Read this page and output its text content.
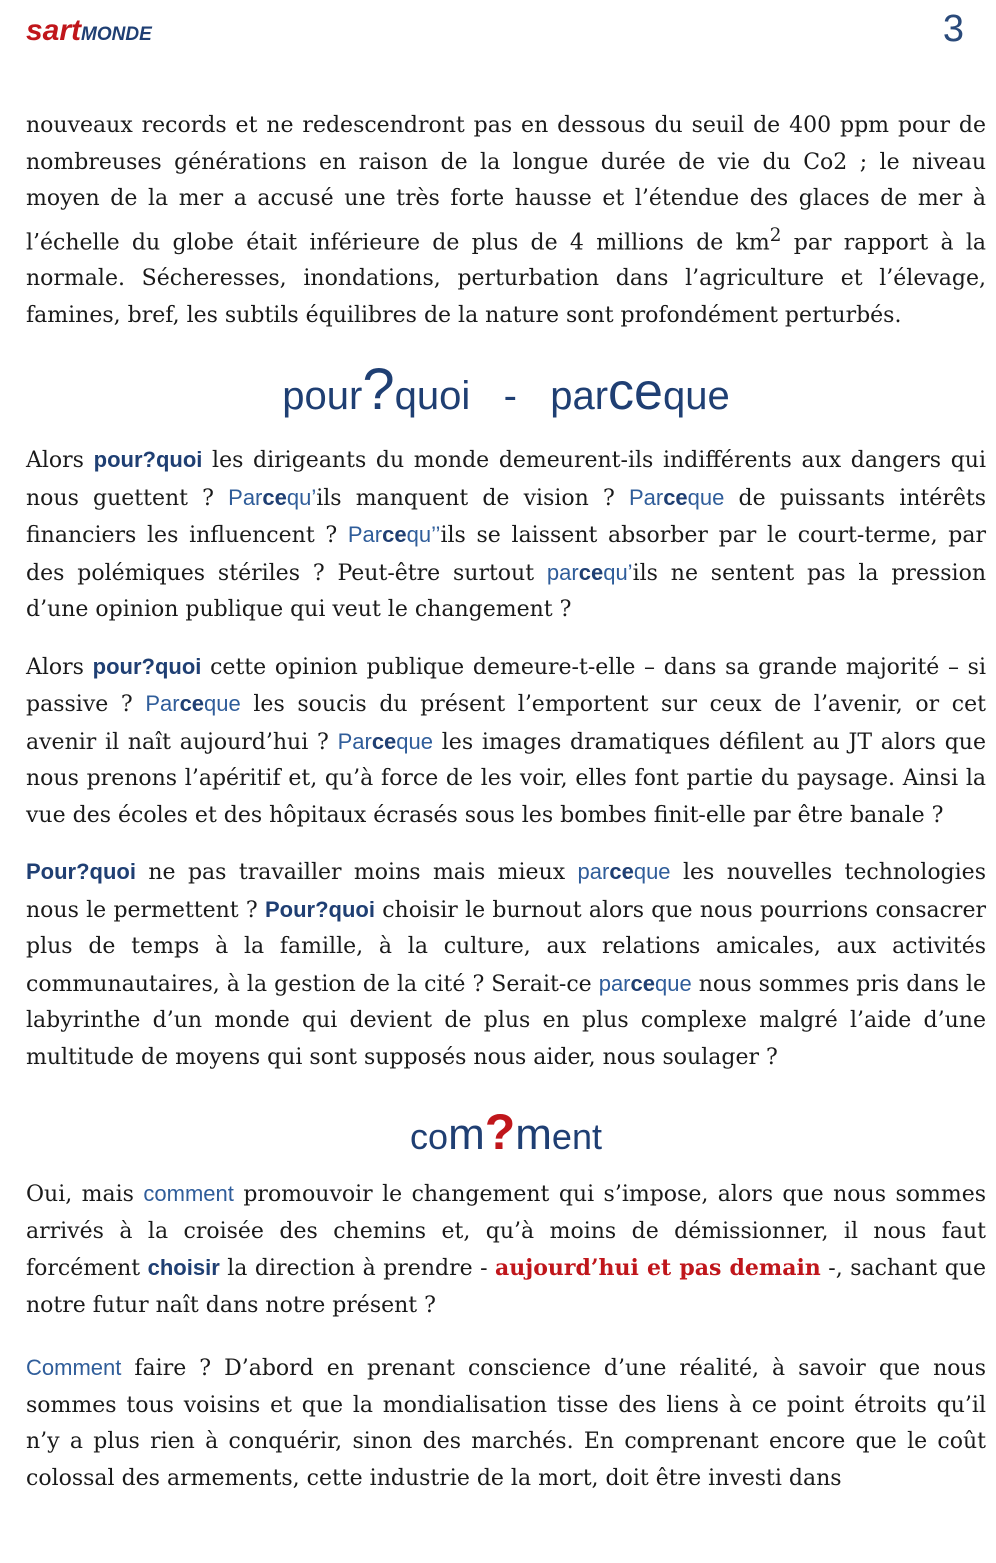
sartMONDE	3

nouveaux records et ne redescendront pas en dessous du seuil de 400 ppm pour de nombreuses générations en raison de la longue durée de vie du Co2 ; le niveau moyen de la mer a accusé une très forte hausse et l’étendue des glaces de mer à l’échelle du globe était inférieure de plus de 4 millions de $km^2$ par rapport à la normale. Sécheresses, inondations, perturbation dans l’agriculture et l’élevage, famines, bref, les subtils équilibres de la nature sont profondément perturbés.

pour?quoi - parceque

Alors pour?quoi les dirigeants du monde demeurent-ils indifférents aux dangers qui nous guettent ? Parcequ’ils manquent de vision ? Parceque de puissants intérêts financiers les influencent ? Parcequ’’ils se laissent absorber par le court-terme, par des polémiques stériles ? Peut-être surtout parcequ’ils ne sentent pas la pression d’une opinion publique qui veut le changement ?

Alors pour?quoi cette opinion publique demeure-t-elle – dans sa grande majorité – si passive ? Parceque les soucis du présent l’emportent sur ceux de l’avenir, or cet avenir il naît aujourd’hui ? Parceque les images dramatiques défilent au JT alors que nous prenons l’apéritif et, qu’à force de les voir, elles font partie du paysage. Ainsi la vue des écoles et des hôpitaux écrasés sous les bombes finit-elle par être banale ?

Pour?quoi ne pas travailler moins mais mieux parceque les nouvelles technologies nous le permettent ? Pour?quoi choisir le burnout alors que nous pourrions consacrer plus de temps à la famille, à la culture, aux relations amicales, aux activités communautaires, à la gestion de la cité ? Serait-ce parceque nous sommes pris dans le labyrinthe d’un monde qui devient de plus en plus complexe malgré l’aide d’une multitude de moyens qui sont supposés nous aider, nous soulager ?

com?ment

Oui, mais comment promouvoir le changement qui s’impose, alors que nous sommes arrivés à la croisée des chemins et, qu’à moins de démissionner, il nous faut forcément choisir la direction à prendre - aujourd’hui et pas demain -, sachant que notre futur naît dans notre présent ?

Comment faire ? D’abord en prenant conscience d’une réalité, à savoir que nous sommes tous voisins et que la mondialisation tisse des liens à ce point étroits qu’il n’y a plus rien à conquérir, sinon des marchés. En comprenant encore que le coût colossal des armements, cette industrie de la mort, doit être investi dans
